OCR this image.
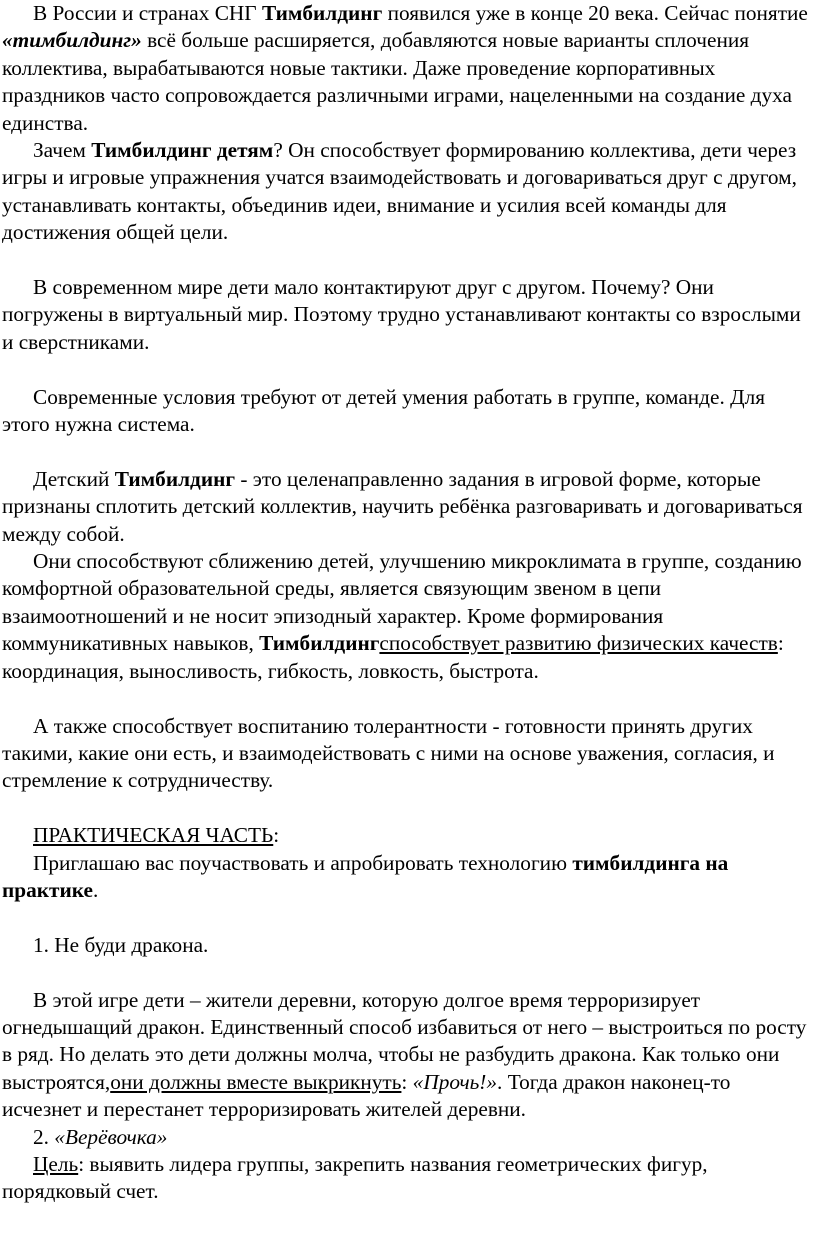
В России и странах СНГ Тимбилдинг появился уже в конце 20 века. Сейчас понятие «тимбилдинг» всё больше расширяется, добавляются новые варианты сплочения коллектива, вырабатываются новые тактики. Даже проведение корпоративных праздников часто сопровождается различными играми, нацеленными на создание духа единства.

Зачем Тимбилдинг детям? Он способствует формированию коллектива, дети через игры и игровые упражнения учатся взаимодействовать и договариваться друг с другом, устанавливать контакты, объединив идеи, внимание и усилия всей команды для достижения общей цели.

В современном мире дети мало контактируют друг с другом. Почему? Они погружены в виртуальный мир. Поэтому трудно устанавливают контакты со взрослыми и сверстниками.

Современные условия требуют от детей умения работать в группе, команде. Для этого нужна система.

Детский Тимбилдинг - это целенаправленно задания в игровой форме, которые признаны сплотить детский коллектив, научить ребёнка разговаривать и договариваться между собой.

Они способствуют сближению детей, улучшению микроклимата в группе, созданию комфортной образовательной среды, является связующим звеном в цепи взаимоотношений и не носит эпизодный характер. Кроме формирования коммуникативных навыков, Тимбилдингспособствует развитию физических качеств: координация, выносливость, гибкость, ловкость, быстрота.

А также способствует воспитанию толерантности - готовности принять других такими, какие они есть, и взаимодействовать с ними на основе уважения, согласия, и стремление к сотрудничеству.

ПРАКТИЧЕСКАЯ ЧАСТЬ:

Приглашаю вас поучаствовать и апробировать технологию тимбилдинга на практике.

1. Не буди дракона.

В этой игре дети – жители деревни, которую долгое время терроризирует огнедышащий дракон. Единственный способ избавиться от него – выстроиться по росту в ряд. Но делать это дети должны молча, чтобы не разбудить дракона. Как только они выстроятся,они должны вместе выкрикнуть: «Прочь!». Тогда дракон наконец-то исчезнет и перестанет терроризировать жителей деревни.

2. «Верёвочка»

Цель: выявить лидера группы, закрепить названия геометрических фигур, порядковый счет.
